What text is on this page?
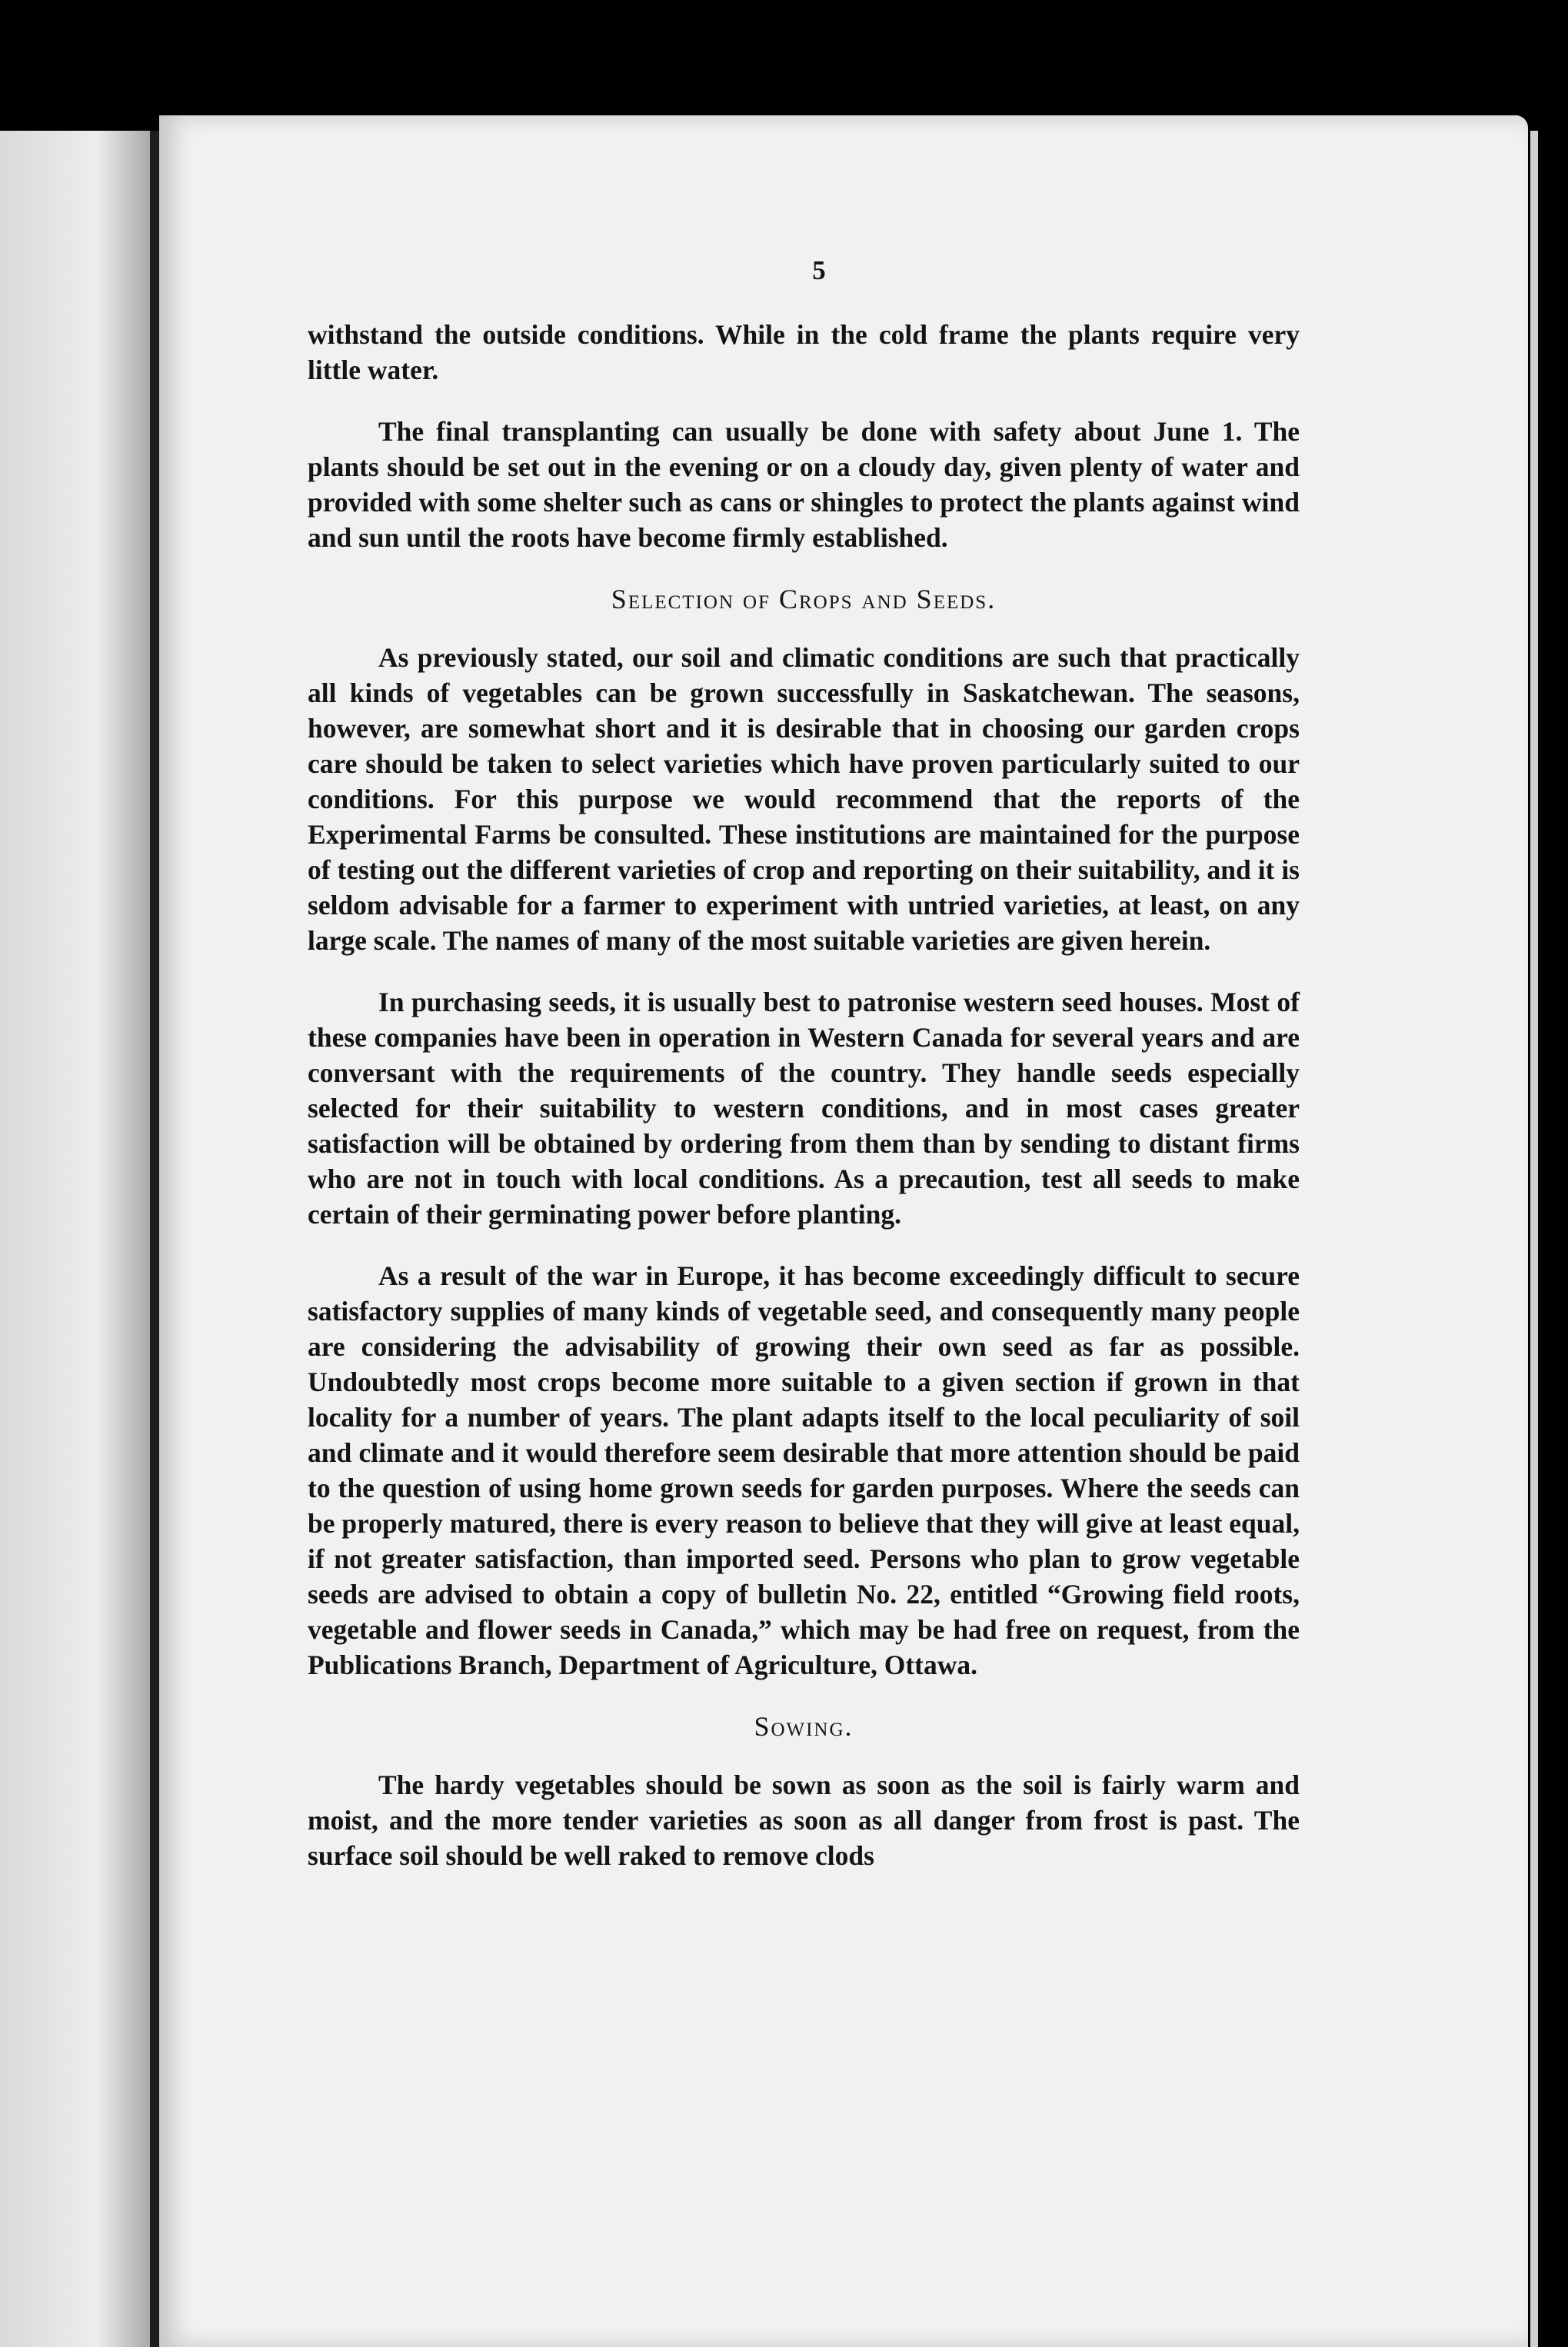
5

withstand the outside conditions. While in the cold frame the plants require very little water.

The final transplanting can usually be done with safety about June 1. The plants should be set out in the evening or on a cloudy day, given plenty of water and provided with some shelter such as cans or shingles to protect the plants against wind and sun until the roots have become firmly established.

Selection of Crops and Seeds.

As previously stated, our soil and climatic conditions are such that practically all kinds of vegetables can be grown successfully in Saskatchewan. The seasons, however, are somewhat short and it is desirable that in choosing our garden crops care should be taken to select varieties which have proven particularly suited to our conditions. For this purpose we would recommend that the reports of the Experimental Farms be consulted. These institutions are maintained for the purpose of testing out the different varieties of crop and reporting on their suitability, and it is seldom advisable for a farmer to experiment with untried varieties, at least, on any large scale. The names of many of the most suitable varieties are given herein.

In purchasing seeds, it is usually best to patronise western seed houses. Most of these companies have been in operation in Western Canada for several years and are conversant with the requirements of the country. They handle seeds especially selected for their suitability to western conditions, and in most cases greater satisfaction will be obtained by ordering from them than by sending to distant firms who are not in touch with local conditions. As a precaution, test all seeds to make certain of their germinating power before planting.

As a result of the war in Europe, it has become exceedingly difficult to secure satisfactory supplies of many kinds of vegetable seed, and consequently many people are considering the advisability of growing their own seed as far as possible. Undoubtedly most crops become more suitable to a given section if grown in that locality for a number of years. The plant adapts itself to the local peculiarity of soil and climate and it would therefore seem desirable that more attention should be paid to the question of using home grown seeds for garden purposes. Where the seeds can be properly matured, there is every reason to believe that they will give at least equal, if not greater satisfaction, than imported seed. Persons who plan to grow vegetable seeds are advised to obtain a copy of bulletin No. 22, entitled “Growing field roots, vegetable and flower seeds in Canada,” which may be had free on request, from the Publications Branch, Department of Agriculture, Ottawa.

Sowing.

The hardy vegetables should be sown as soon as the soil is fairly warm and moist, and the more tender varieties as soon as all danger from frost is past. The surface soil should be well raked to remove clods
